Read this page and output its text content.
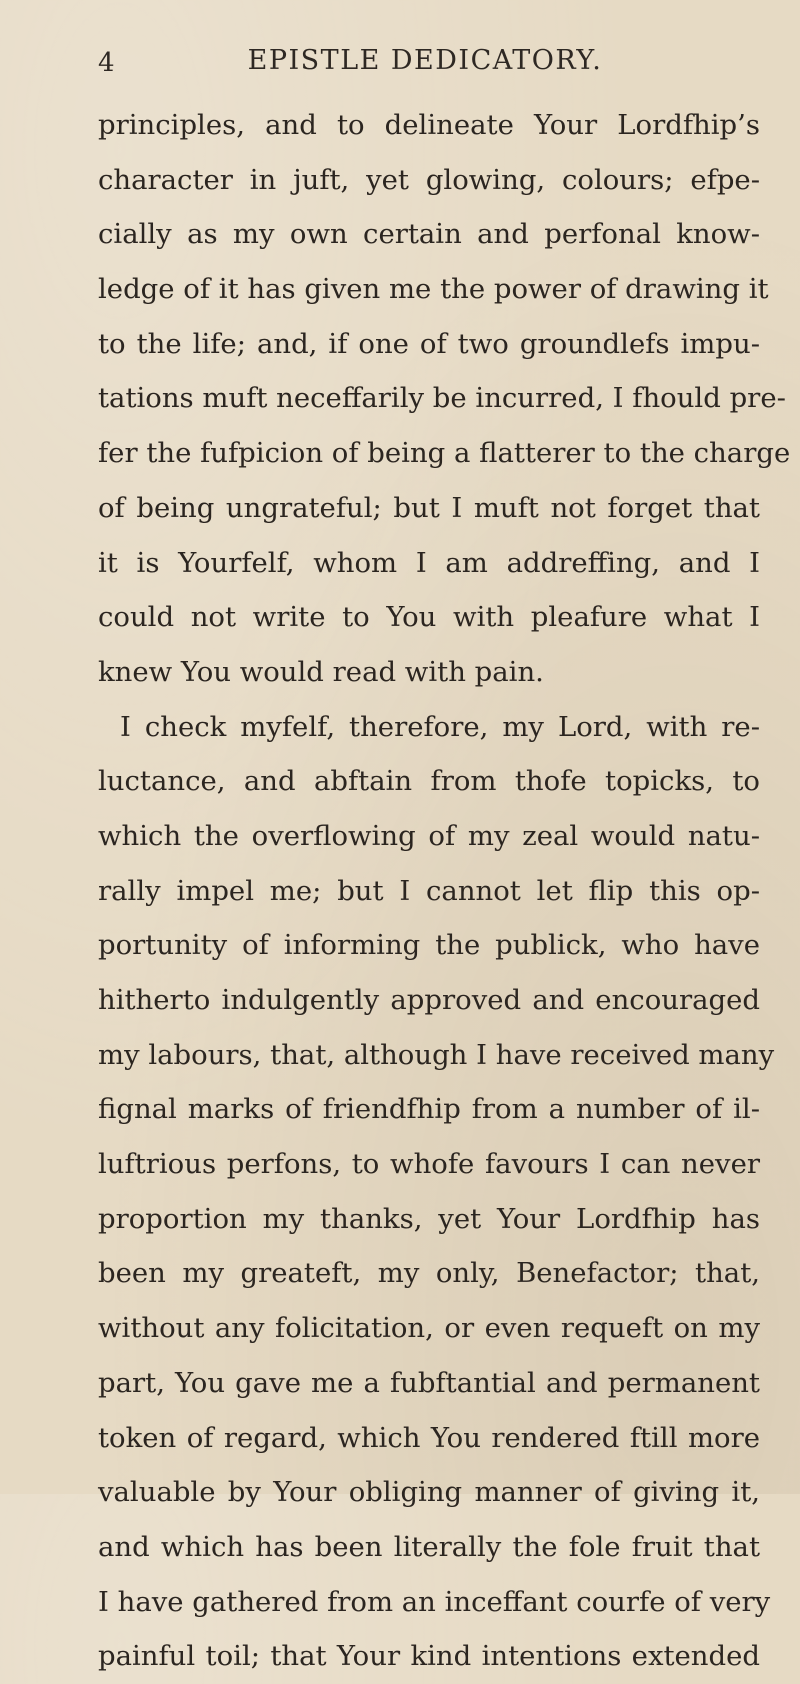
4	EPISTLE DEDICATORY.
principles, and to delineate Your Lordfhip’s
character in juft, yet glowing, colours; efpe-
cially as my own certain and perfonal know-
ledge of it has given me the power of drawing it
to the life; and, if one of two groundlefs impu-
tations muft neceffarily be incurred, I fhould pre-
fer the fufpicion of being a flatterer to the charge
of being ungrateful; but I muft not forget that
it is Yourfelf, whom I am addreffing, and I
could not write to You with pleafure what I
knew You would read with pain.
I check myfelf, therefore, my Lord, with re-
luctance, and abftain from thofe topicks, to
which the overflowing of my zeal would natu-
rally impel me; but I cannot let flip this op-
portunity of informing the publick, who have
hitherto indulgently approved and encouraged
my labours, that, although I have received many
fignal marks of friendfhip from a number of il-
luftrious perfons, to whofe favours I can never
proportion my thanks, yet Your Lordfhip has
been my greateft, my only, Benefactor; that,
without any folicitation, or even requeft on my
part, You gave me a fubftantial and permanent
token of regard, which You rendered ftill more
valuable by Your obliging manner of giving it,
and which has been literally the fole fruit that
I have gathered from an inceffant courfe of very
painful toil; that Your kind intentions extended
